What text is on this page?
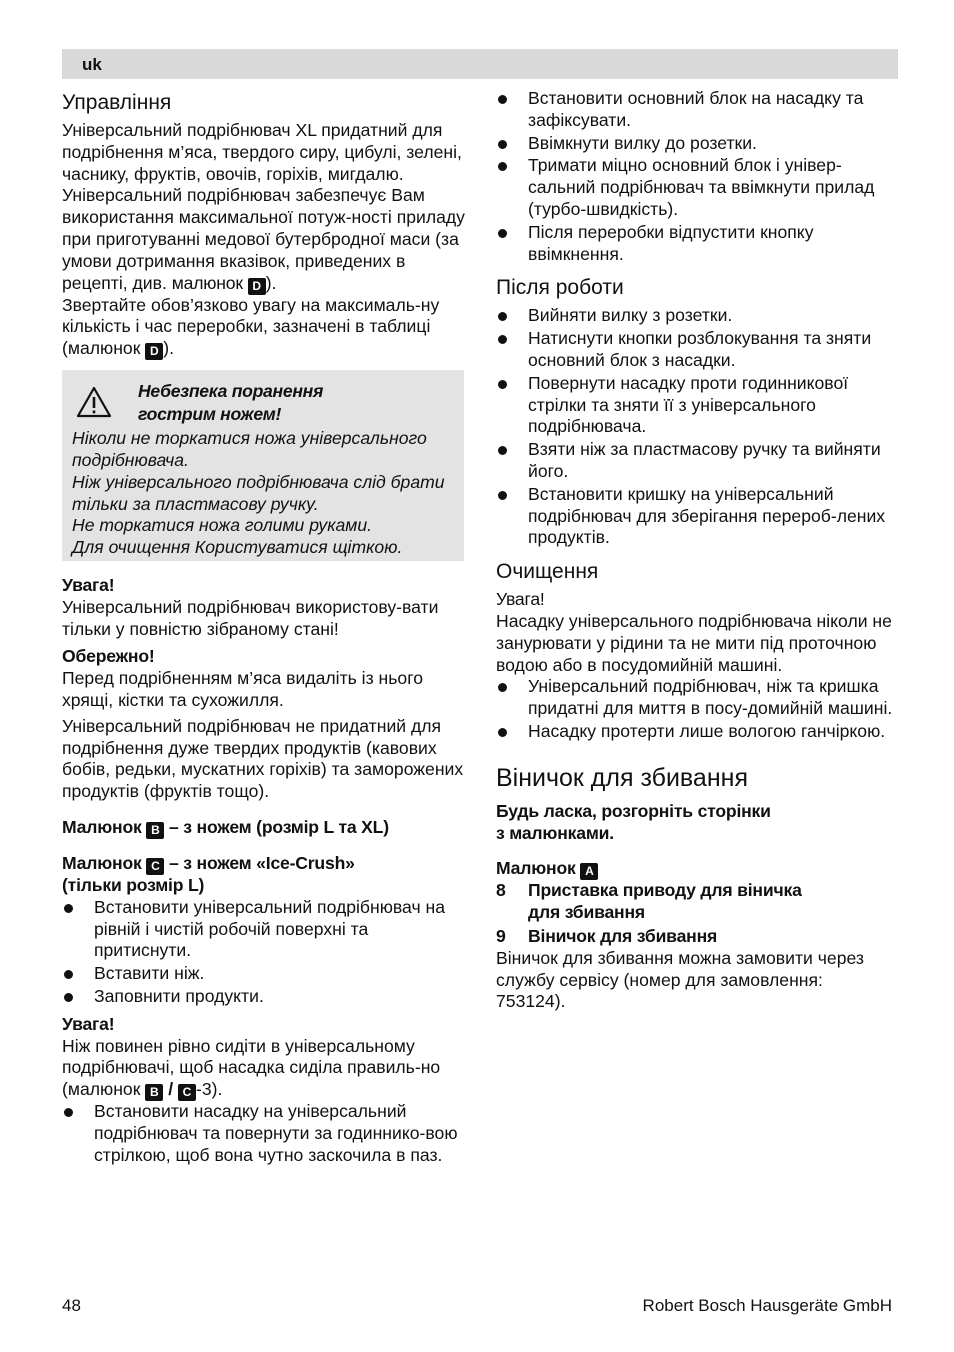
uk
Управління

Універсальний подрібнювач XL придатний для подрібнення м’яса, твердого сиру, цибулі, зелені, часнику, фруктів, овочів, горіхів, мигдалю.

Універсальний подрібнювач забезпечує Вам використання максимальної потуж-ності приладу при приготуванні медової бутербродної маси (за умови дотримання вказівок, приведених в рецепті, див. малюнок D ).

Звертайте обов’язково увагу на максималь-ну кількість і час переробки, зазначені в таблиці (малюнок D ).

Небезпека поранення
гострим ножем!

Ніколи не торкатися ножа універсального подрібнювача.

Ніж універсального подрібнювача слід брати тільки за пластмасову ручку.

Не торкатися ножа голими руками.

Для очищення Користуватися щіткою.

Увага!

Універсальний подрібнювач використову-вати тільки у повністю зібраному стані!

Обережно!

Перед подрібненням м’яса видаліть із нього хрящі, кістки та сухожилля.

Універсальний подрібнювач не придатний для подрібнення дуже твердих продуктів (кавових бобів, редьки, мускатних горіхів) та заморожених продуктів (фруктів тощо).

Малюнок B – з ножем (розмір L та XL)

Малюнок C – з ножем «Ice-Crush»
(тільки розмір L)

Встановити універсальний подрібнювач на рівній і чистій робочій поверхні та притиснути.
Вставити ніж.
Заповнити продукти.

Увага!

Ніж повинен рівно сидіти в універсальному подрібнювачі, щоб насадка сиділа правиль-но (малюнок B / C -3).

Встановити насадку на універсальний подрібнювач та повернути за годиннико-вою стрілкою, щоб вона чутно заскочила в паз.
Встановити основний блок на насадку та зафіксувати.
Ввімкнути вилку до розетки.
Тримати міцно основний блок і універ-сальний подрібнювач та ввімкнути прилад (турбо-швидкість).
Після переробки відпустити кнопку ввімкнення.
Після роботи
Вийняти вилку з розетки.
Натиснути кнопки розблокування та зняти основний блок з насадки.
Повернути насадку проти годинникової стрілки та зняти її з універсального подрібнювача.
Взяти ніж за пластмасову ручку та вийняти його.
Встановити кришку на універсальний подрібнювач для зберігання перероб-лених продуктів.
Очищення

Увага!

Насадку універсального подрібнювача ніколи не занурювати у рідини та не мити під проточною водою або в посудомийній машині.

Універсальний подрібнювач, ніж та кришка придатні для миття в посу-домийній машині.
Насадку протерти лише вологою ганчіркою.
Віничок для збивання

Будь ласка, розгорніть сторінки
з малюнками.

Малюнок A

8 Приставка приводу для віничка
для збивання
9 Віничок для збивання

Віничок для збивання можна замовити через службу сервісу (номер для замовлення: 753124).

48	Robert Bosch Hausgeräte GmbH
